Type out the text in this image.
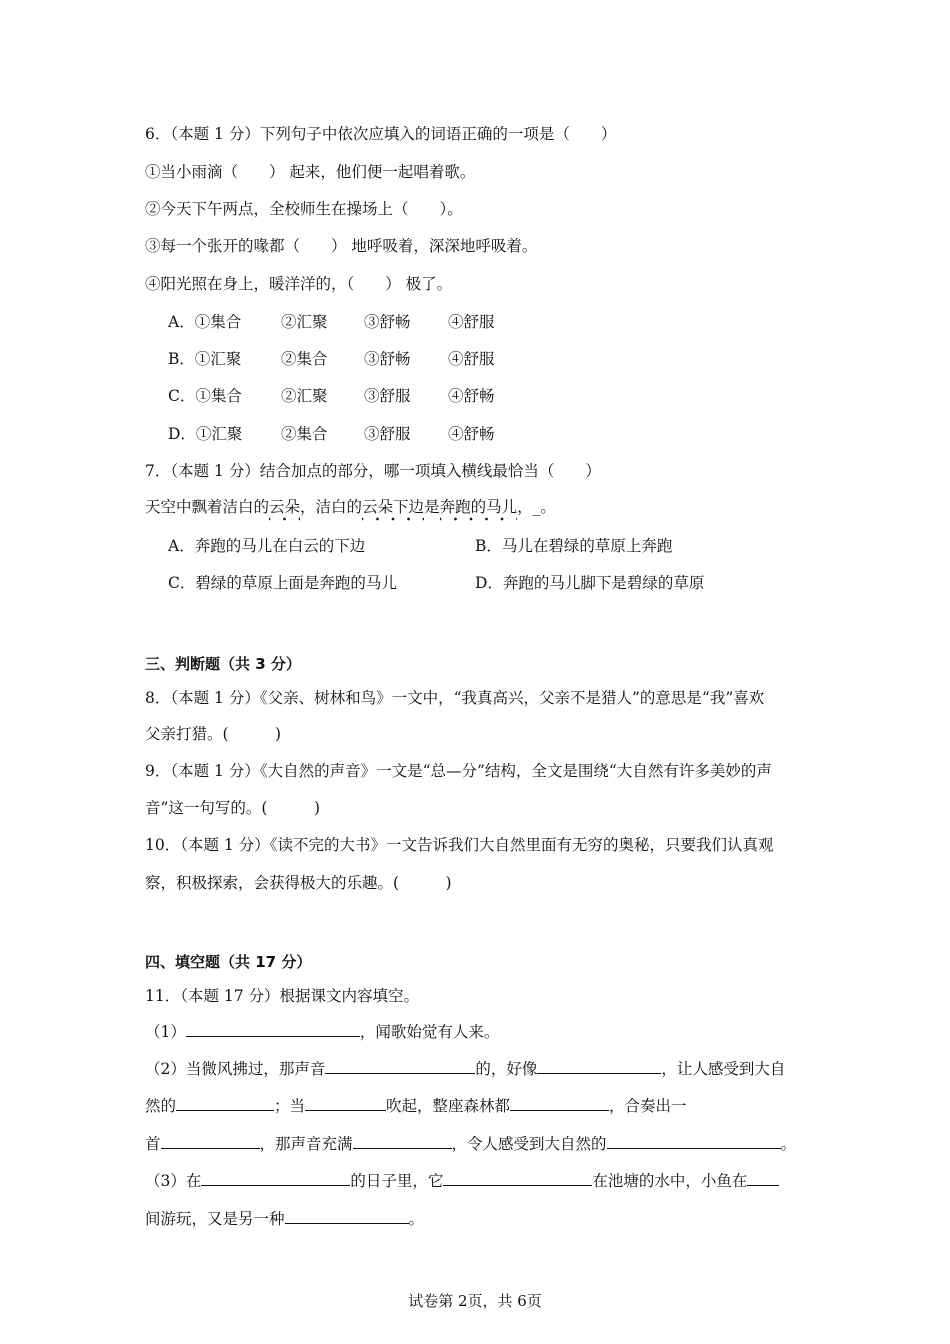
6．（本题 1 分）下列句子中依次应填入的词语正确的一项是（　　）
①当小雨滴（　　） 起来，他们便一起唱着歌。
②今天下午两点，全校师生在操场上（　　）。
③每一个张开的喙都（　　） 地呼吸着，深深地呼吸着。
④阳光照在身上，暖洋洋的，（　　） 极了。
A．①集合	②汇聚 ③舒畅 ④舒服
B．①汇聚	②集合 ③舒畅 ④舒服
C．①集合	②汇聚 ③舒服 ④舒畅
D．①汇聚 ②集合 ③舒服 ④舒畅
7．（本题 1 分）结合加点的部分，哪一项填入横线最恰当（　　）
天空中飘着洁白的云朵，洁白的云朵下边是奔跑的马儿，_。
A．奔跑的马儿在白云的下边	B．马儿在碧绿的草原上奔跑
C．碧绿的草原上面是奔跑的马儿	D．奔跑的马儿脚下是碧绿的草原
三、判断题（共 3 分）
8．（本题 1 分）《父亲、树林和鸟》一文中，“我真高兴，父亲不是猎人”的意思是“我”喜欢
父亲打猎。(　　　)
9．（本题 1 分）《大自然的声音》一文是“总—分”结构，全文是围绕“大自然有许多美妙的声
音”这一句写的。(　　　)
10．（本题 1 分）《读不完的大书》一文告诉我们大自然里面有无穷的奥秘，只要我们认真观
察，积极探索，会获得极大的乐趣。(　　　)
四、填空题（共 17 分）
11．（本题 17 分）根据课文内容填空。
（1）	，闻歌始觉有人来。
（2）当微风拂过，那声音	的，好像	，让人感受到大自
然的	；当	吹起，整座森林都	，合奏出一
首	，那声音充满	，令人感受到大自然的	。
（3）在	的日子里，它	在池塘的水中，小鱼在
间游玩，又是另一种	。
试卷第 2页，共 6页
